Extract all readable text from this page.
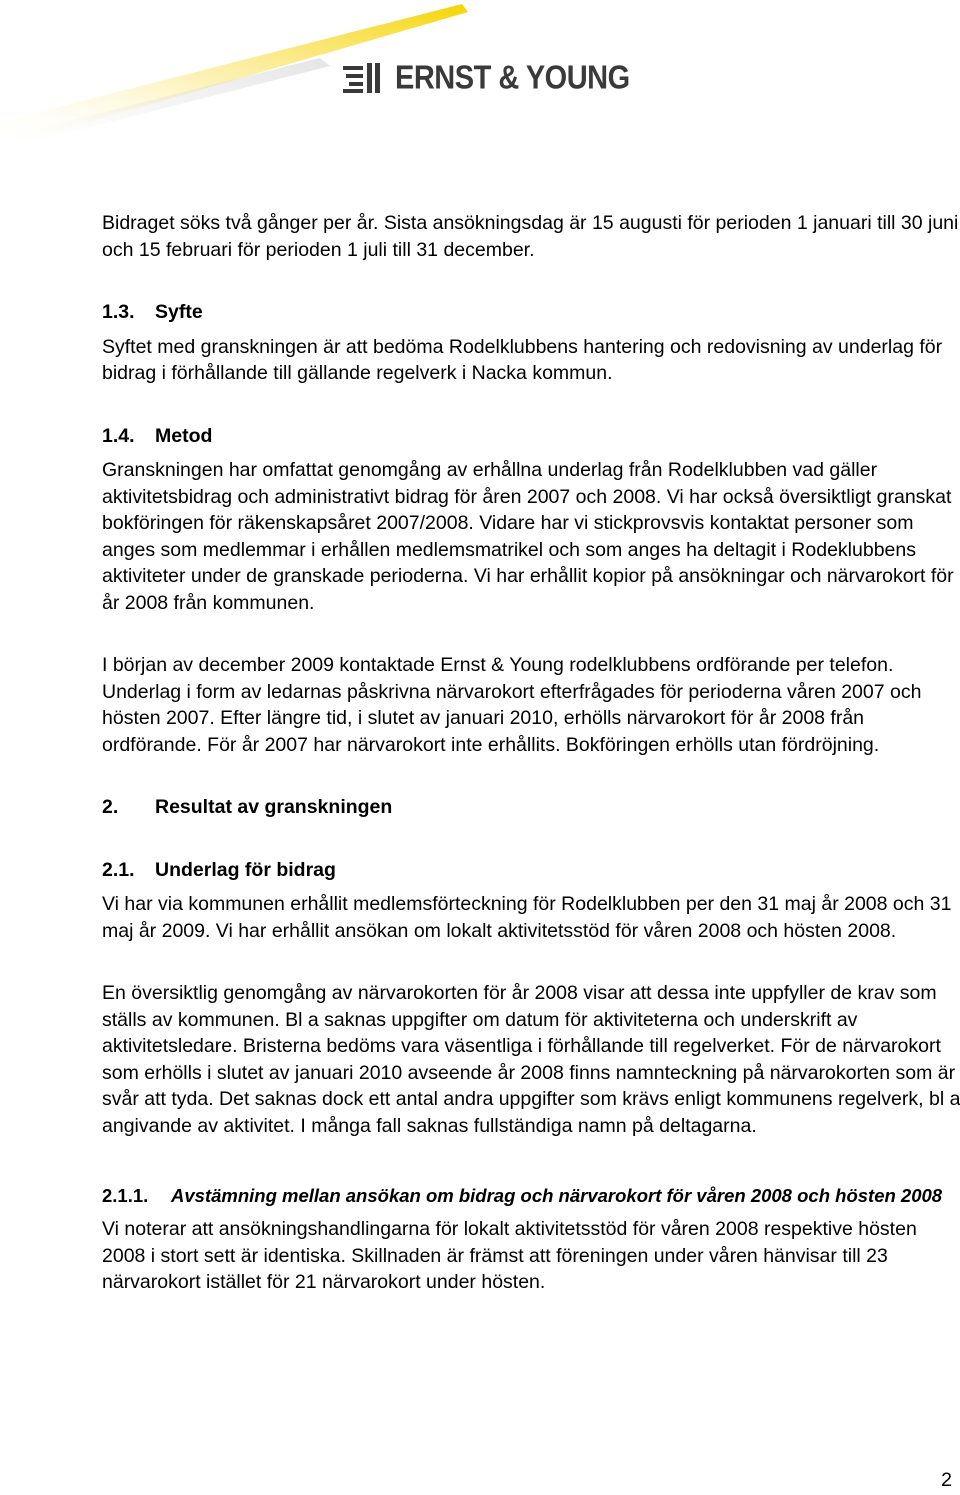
ERNST & YOUNG

Bidraget söks två gånger per år. Sista ansökningsdag är 15 augusti för perioden 1 januari till 30 juni och 15 februari för perioden 1 juli till 31 december.

1.3.	Syfte

Syftet med granskningen är att bedöma Rodelklubbens hantering och redovisning av underlag för bidrag i förhållande till gällande regelverk i Nacka kommun.

1.4.	Metod

Granskningen har omfattat genomgång av erhållna underlag från Rodelklubben vad gäller aktivitetsbidrag och administrativt bidrag för åren 2007 och 2008. Vi har också översiktligt granskat bokföringen för räkenskapsåret 2007/2008. Vidare har vi stickprovsvis kontaktat personer som anges som medlemmar i erhållen medlemsmatrikel och som anges ha deltagit i Rodeklubbens aktiviteter under de granskade perioderna. Vi har erhållit kopior på ansökningar och närvarokort för år 2008 från kommunen.

I början av december 2009 kontaktade Ernst & Young rodelklubbens ordförande per telefon. Underlag i form av ledarnas påskrivna närvarokort efterfrågades för perioderna våren 2007 och hösten 2007. Efter längre tid, i slutet av januari 2010, erhölls närvarokort för år 2008 från ordförande. För år 2007 har närvarokort inte erhållits. Bokföringen erhölls utan fördröjning.

2.	Resultat av granskningen
2.1.	Underlag för bidrag

Vi har via kommunen erhållit medlemsförteckning för Rodelklubben per den 31 maj år 2008 och 31 maj år 2009. Vi har erhållit ansökan om lokalt aktivitetsstöd för våren 2008 och hösten 2008.

En översiktlig genomgång av närvarokorten för år 2008 visar att dessa inte uppfyller de krav som ställs av kommunen. Bl a saknas uppgifter om datum för aktiviteterna och underskrift av aktivitetsledare. Bristerna bedöms vara väsentliga i förhållande till regelverket. För de närvarokort som erhölls i slutet av januari 2010 avseende år 2008 finns namnteckning på närvarokorten som är svår att tyda. Det saknas dock ett antal andra uppgifter som krävs enligt kommunens regelverk, bl a angivande av aktivitet. I många fall saknas fullständiga namn på deltagarna.

2.1.1.	Avstämning mellan ansökan om bidrag och närvarokort för våren 2008 och hösten 2008

Vi noterar att ansökningshandlingarna för lokalt aktivitetsstöd för våren 2008 respektive hösten 2008 i stort sett är identiska. Skillnaden är främst att föreningen under våren hänvisar till 23 närvarokort istället för 21 närvarokort under hösten.

2
